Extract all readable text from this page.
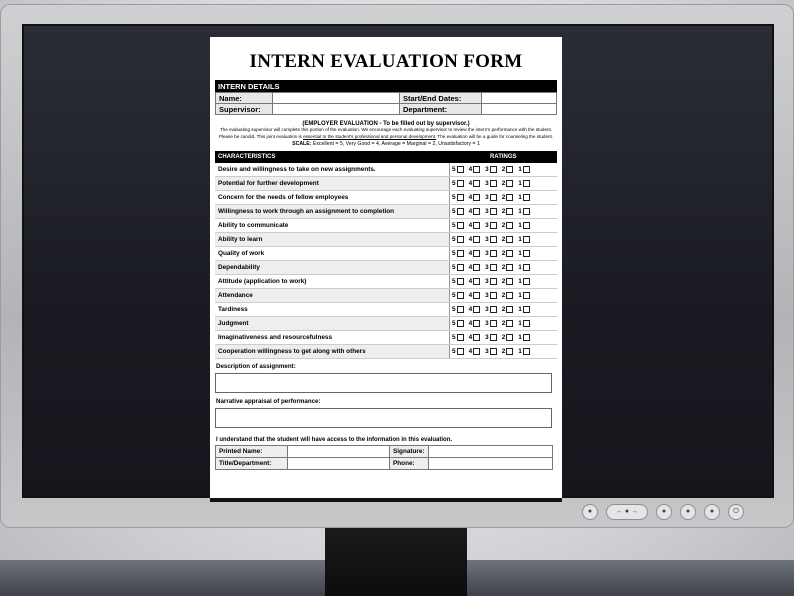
●	← ● →	●	●	●	⏻
INTERN EVALUATION FORM
INTERN DETAILS
Name:		Start/End Dates:	
Supervisor:		Department:	
(EMPLOYER EVALUATION - To be filled out by supervisor.)
The evaluating supervisor will complete this portion of the evaluation. We encourage each evaluating supervisor to review the intern's performance with the student. Please be candid. This joint evaluation is essential to the student's professional and personal development. The evaluation will be a guide for counseling the student.
SCALE: Excellent = 5, Very Good = 4, Average = Marginal = 2, Unsatisfactory = 1
CHARACTERISTICS	RATINGS
Desire and willingness to take on new assignments.	5 4 3 2 1
Potential for further development	5 4 3 2 1
Concern for the needs of fellow employees	5 4 3 2 1
Willingness to work through an assignment to completion	5 4 3 2 1
Ability to communicate	5 4 3 2 1
Ability to learn	5 4 3 2 1
Quality of work	5 4 3 2 1
Dependability	5 4 3 2 1
Attitude (application to work)	5 4 3 2 1
Attendance	5 4 3 2 1
Tardiness	5 4 3 2 1
Judgment	5 4 3 2 1
Imaginativeness and resourcefulness	5 4 3 2 1
Cooperation willingness to get along with others	5 4 3 2 1
Description of assignment:
Narrative appraisal of performance:
I understand that the student will have access to the information in this evaluation.
Printed Name:		Signature:	
Title/Department:		Phone:	
